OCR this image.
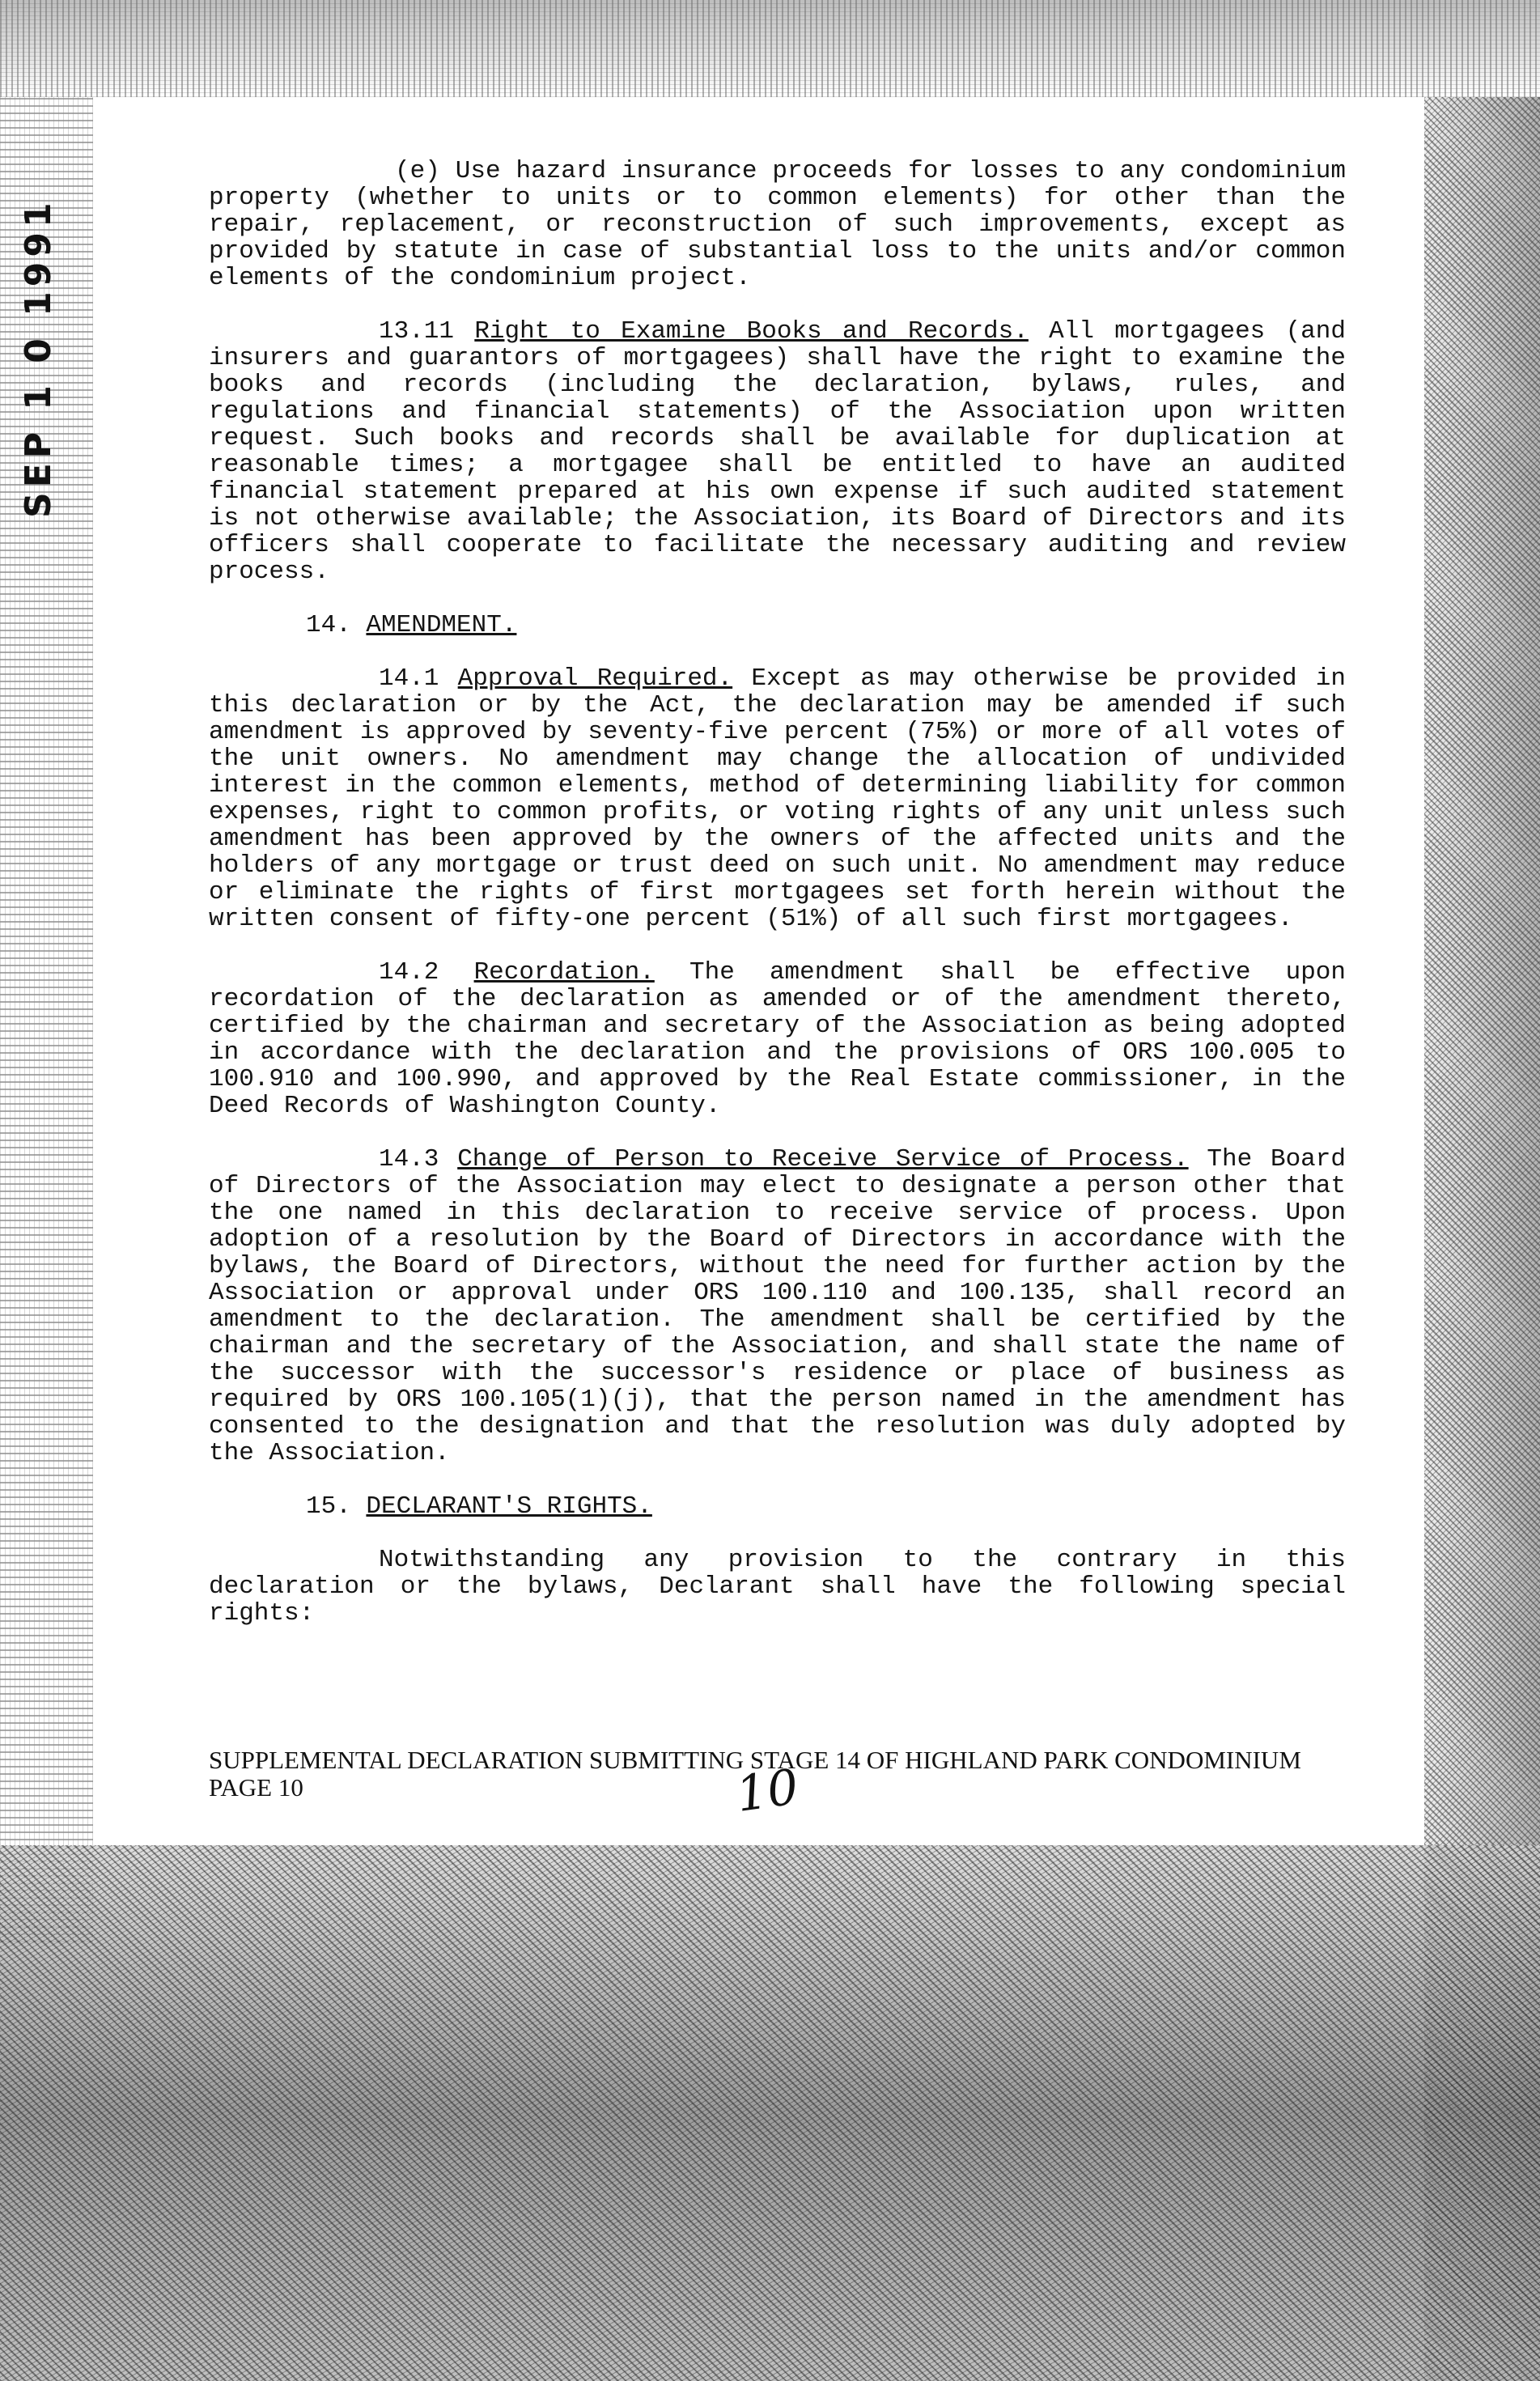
SEP 1 0 1991

(e) Use hazard insurance proceeds for losses to any condominium property (whether to units or to common elements) for other than the repair, replacement, or reconstruction of such improvements, except as provided by statute in case of substantial loss to the units and/or common elements of the condominium project.

13.11 Right to Examine Books and Records. All mortgagees (and insurers and guarantors of mortgagees) shall have the right to examine the books and records (including the declaration, bylaws, rules, and regulations and financial statements) of the Association upon written request. Such books and records shall be available for duplication at reasonable times; a mortgagee shall be entitled to have an audited financial statement prepared at his own expense if such audited statement is not otherwise available; the Association, its Board of Directors and its officers shall cooperate to facilitate the necessary auditing and review process.

14. AMENDMENT.

14.1 Approval Required. Except as may otherwise be provided in this declaration or by the Act, the declaration may be amended if such amendment is approved by seventy-five percent (75%) or more of all votes of the unit owners. No amendment may change the allocation of undivided interest in the common elements, method of determining liability for common expenses, right to common profits, or voting rights of any unit unless such amendment has been approved by the owners of the affected units and the holders of any mortgage or trust deed on such unit. No amendment may reduce or eliminate the rights of first mortgagees set forth herein without the written consent of fifty-one percent (51%) of all such first mortgagees.

14.2 Recordation. The amendment shall be effective upon recordation of the declaration as amended or of the amendment thereto, certified by the chairman and secretary of the Association as being adopted in accordance with the declaration and the provisions of ORS 100.005 to 100.910 and 100.990, and approved by the Real Estate commissioner, in the Deed Records of Washington County.

14.3 Change of Person to Receive Service of Process. The Board of Directors of the Association may elect to designate a person other that the one named in this declaration to receive service of process. Upon adoption of a resolution by the Board of Directors in accordance with the bylaws, the Board of Directors, without the need for further action by the Association or approval under ORS 100.110 and 100.135, shall record an amendment to the declaration. The amendment shall be certified by the chairman and the secretary of the Association, and shall state the name of the successor with the successor's residence or place of business as required by ORS 100.105(1)(j), that the person named in the amendment has consented to the designation and that the resolution was duly adopted by the Association.

15. DECLARANT'S RIGHTS.

Notwithstanding any provision to the contrary in this declaration or the bylaws, Declarant shall have the following special rights:

SUPPLEMENTAL DECLARATION SUBMITTING STAGE 14 OF HIGHLAND PARK CONDOMINIUM
PAGE 10	10
